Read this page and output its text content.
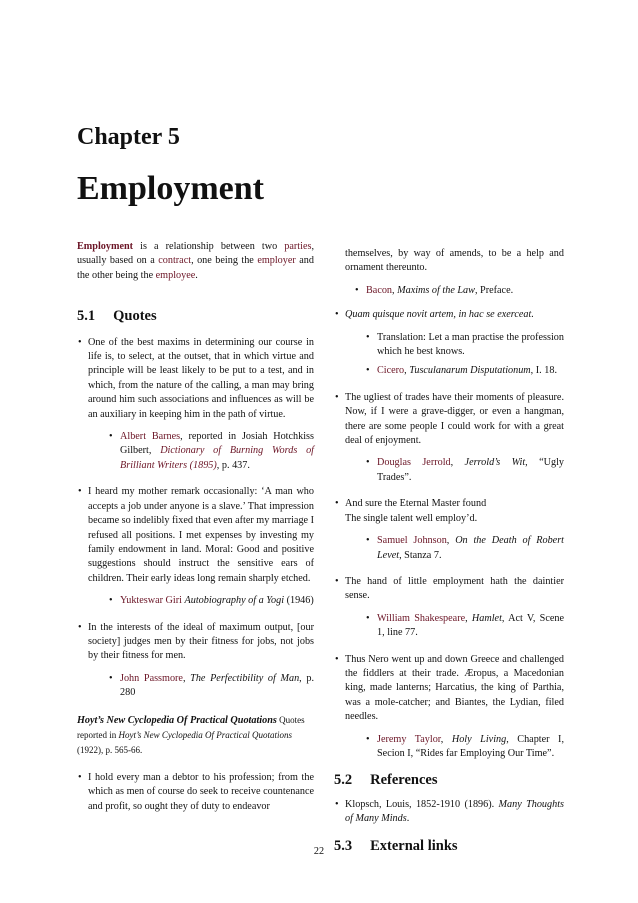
Chapter 5
Employment

Employment is a relationship between two parties, usually based on a contract, one being the employer and the other being the employee.

5.1 Quotes
• One of the best maxims in determining our course in life is, to select, at the outset, that in which virtue and principle will be least likely to be put to a test, and in which, from the nature of the calling, a man may bring around him such associations and influences as will be an auxiliary in keeping him in the path of virtue.
• Albert Barnes, reported in Josiah Hotchkiss Gilbert, Dictionary of Burning Words of Brilliant Writers (1895), p. 437.
• I heard my mother remark occasionally: ‘A man who accepts a job under anyone is a slave.’ That impression became so indelibly fixed that even after my marriage I refused all positions. I met expenses by investing my family endowment in land. Moral: Good and positive suggestions should instruct the sensitive ears of children. Their early ideas long remain sharply etched.
• Yukteswar Giri Autobiography of a Yogi (1946)
• In the interests of the ideal of maximum output, [our society] judges men by their fitness for jobs, not jobs by their fitness for men.
• John Passmore, The Perfectibility of Man, p. 280
Hoyt’s New Cyclopedia Of Practical Quotations Quotes reported in Hoyt’s New Cyclopedia Of Practical Quotations (1922), p. 565-66.
• I hold every man a debtor to his profession; from the which as men of course do seek to receive countenance and profit, so ought they of duty to endeavor

themselves, by way of amends, to be a help and ornament thereunto.

• Bacon, Maxims of the Law, Preface.
• Quam quisque novit artem, in hac se exerceat.
• Translation: Let a man practise the profession which he best knows.
• Cicero, Tusculanarum Disputationum, I. 18.
• The ugliest of trades have their moments of pleasure. Now, if I were a grave-digger, or even a hangman, there are some people I could work for with a great deal of enjoyment.
• Douglas Jerrold, Jerrold’s Wit, “Ugly Trades”.
• And sure the Eternal Master found
The single talent well employ’d.
• Samuel Johnson, On the Death of Robert Levet, Stanza 7.
• The hand of little employment hath the daintier sense.
• William Shakespeare, Hamlet, Act V, Scene 1, line 77.
• Thus Nero went up and down Greece and challenged the fiddlers at their trade. Æropus, a Macedonian king, made lanterns; Harcatius, the king of Parthia, was a mole-catcher; and Biantes, the Lydian, filed needles.
• Jeremy Taylor, Holy Living, Chapter I, Secion I, “Rides far Employing Our Time”.
5.2 References
• Klopsch, Louis, 1852-1910 (1896). Many Thoughts of Many Minds.
5.3 External links
22
